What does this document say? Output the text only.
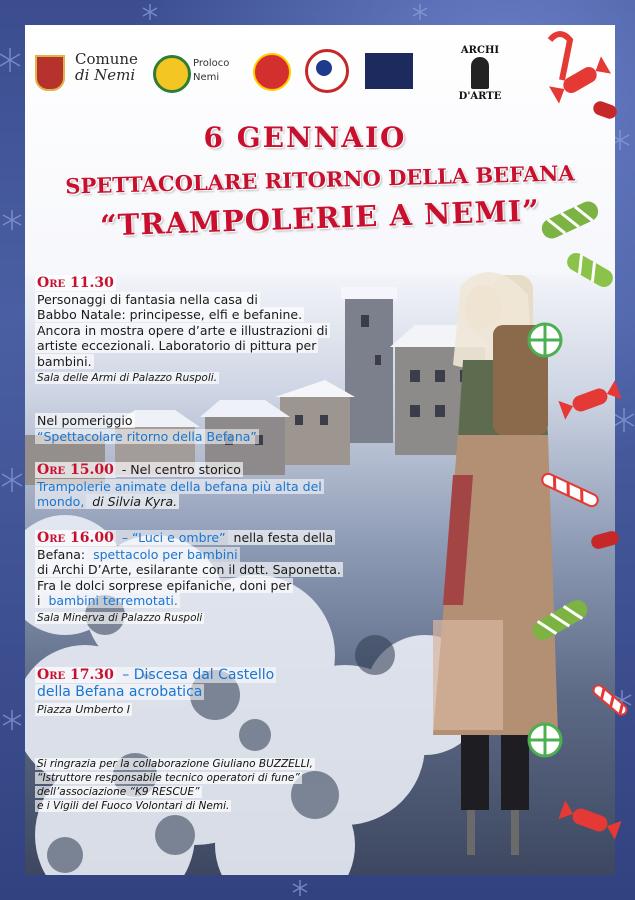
Comune
di Nemi
Proloco
Nemi
ARCHI
D'ARTE
6 GENNAIO
SPETTACOLARE RITORNO DELLA BEFANA
“TRAMPOLERIE A NEMI”
Ore 11.30
Personaggi di fantasia nella casa di
Babbo Natale: principesse, elfi e befanine.
Ancora in mostra opere d’arte e illustrazioni di
artiste eccezionali. Laboratorio di pittura per
bambini.
Sala delle Armi di Palazzo Ruspoli.
Nel pomeriggio
“Spettacolare ritorno della Befana”
Ore 15.00 - Nel centro storico
Trampolerie animate della befana più alta del
mondo, di Silvia Kyra.
Ore 16.00 – “Luci e ombre” nella festa della
Befana: spettacolo per bambini
di Archi D’Arte, esilarante con il dott. Saponetta.
Fra le dolci sorprese epifaniche, doni per
i bambini terremotati.
Sala Minerva di Palazzo Ruspoli
Ore 17.30 – Discesa dal Castello
della Befana acrobatica
Piazza Umberto I
Si ringrazia per la collaborazione Giuliano BUZZELLI,
“Istruttore responsabile tecnico operatori di fune”
dell’associazione “K9 RESCUE”
e i Vigili del Fuoco Volontari di Nemi.
